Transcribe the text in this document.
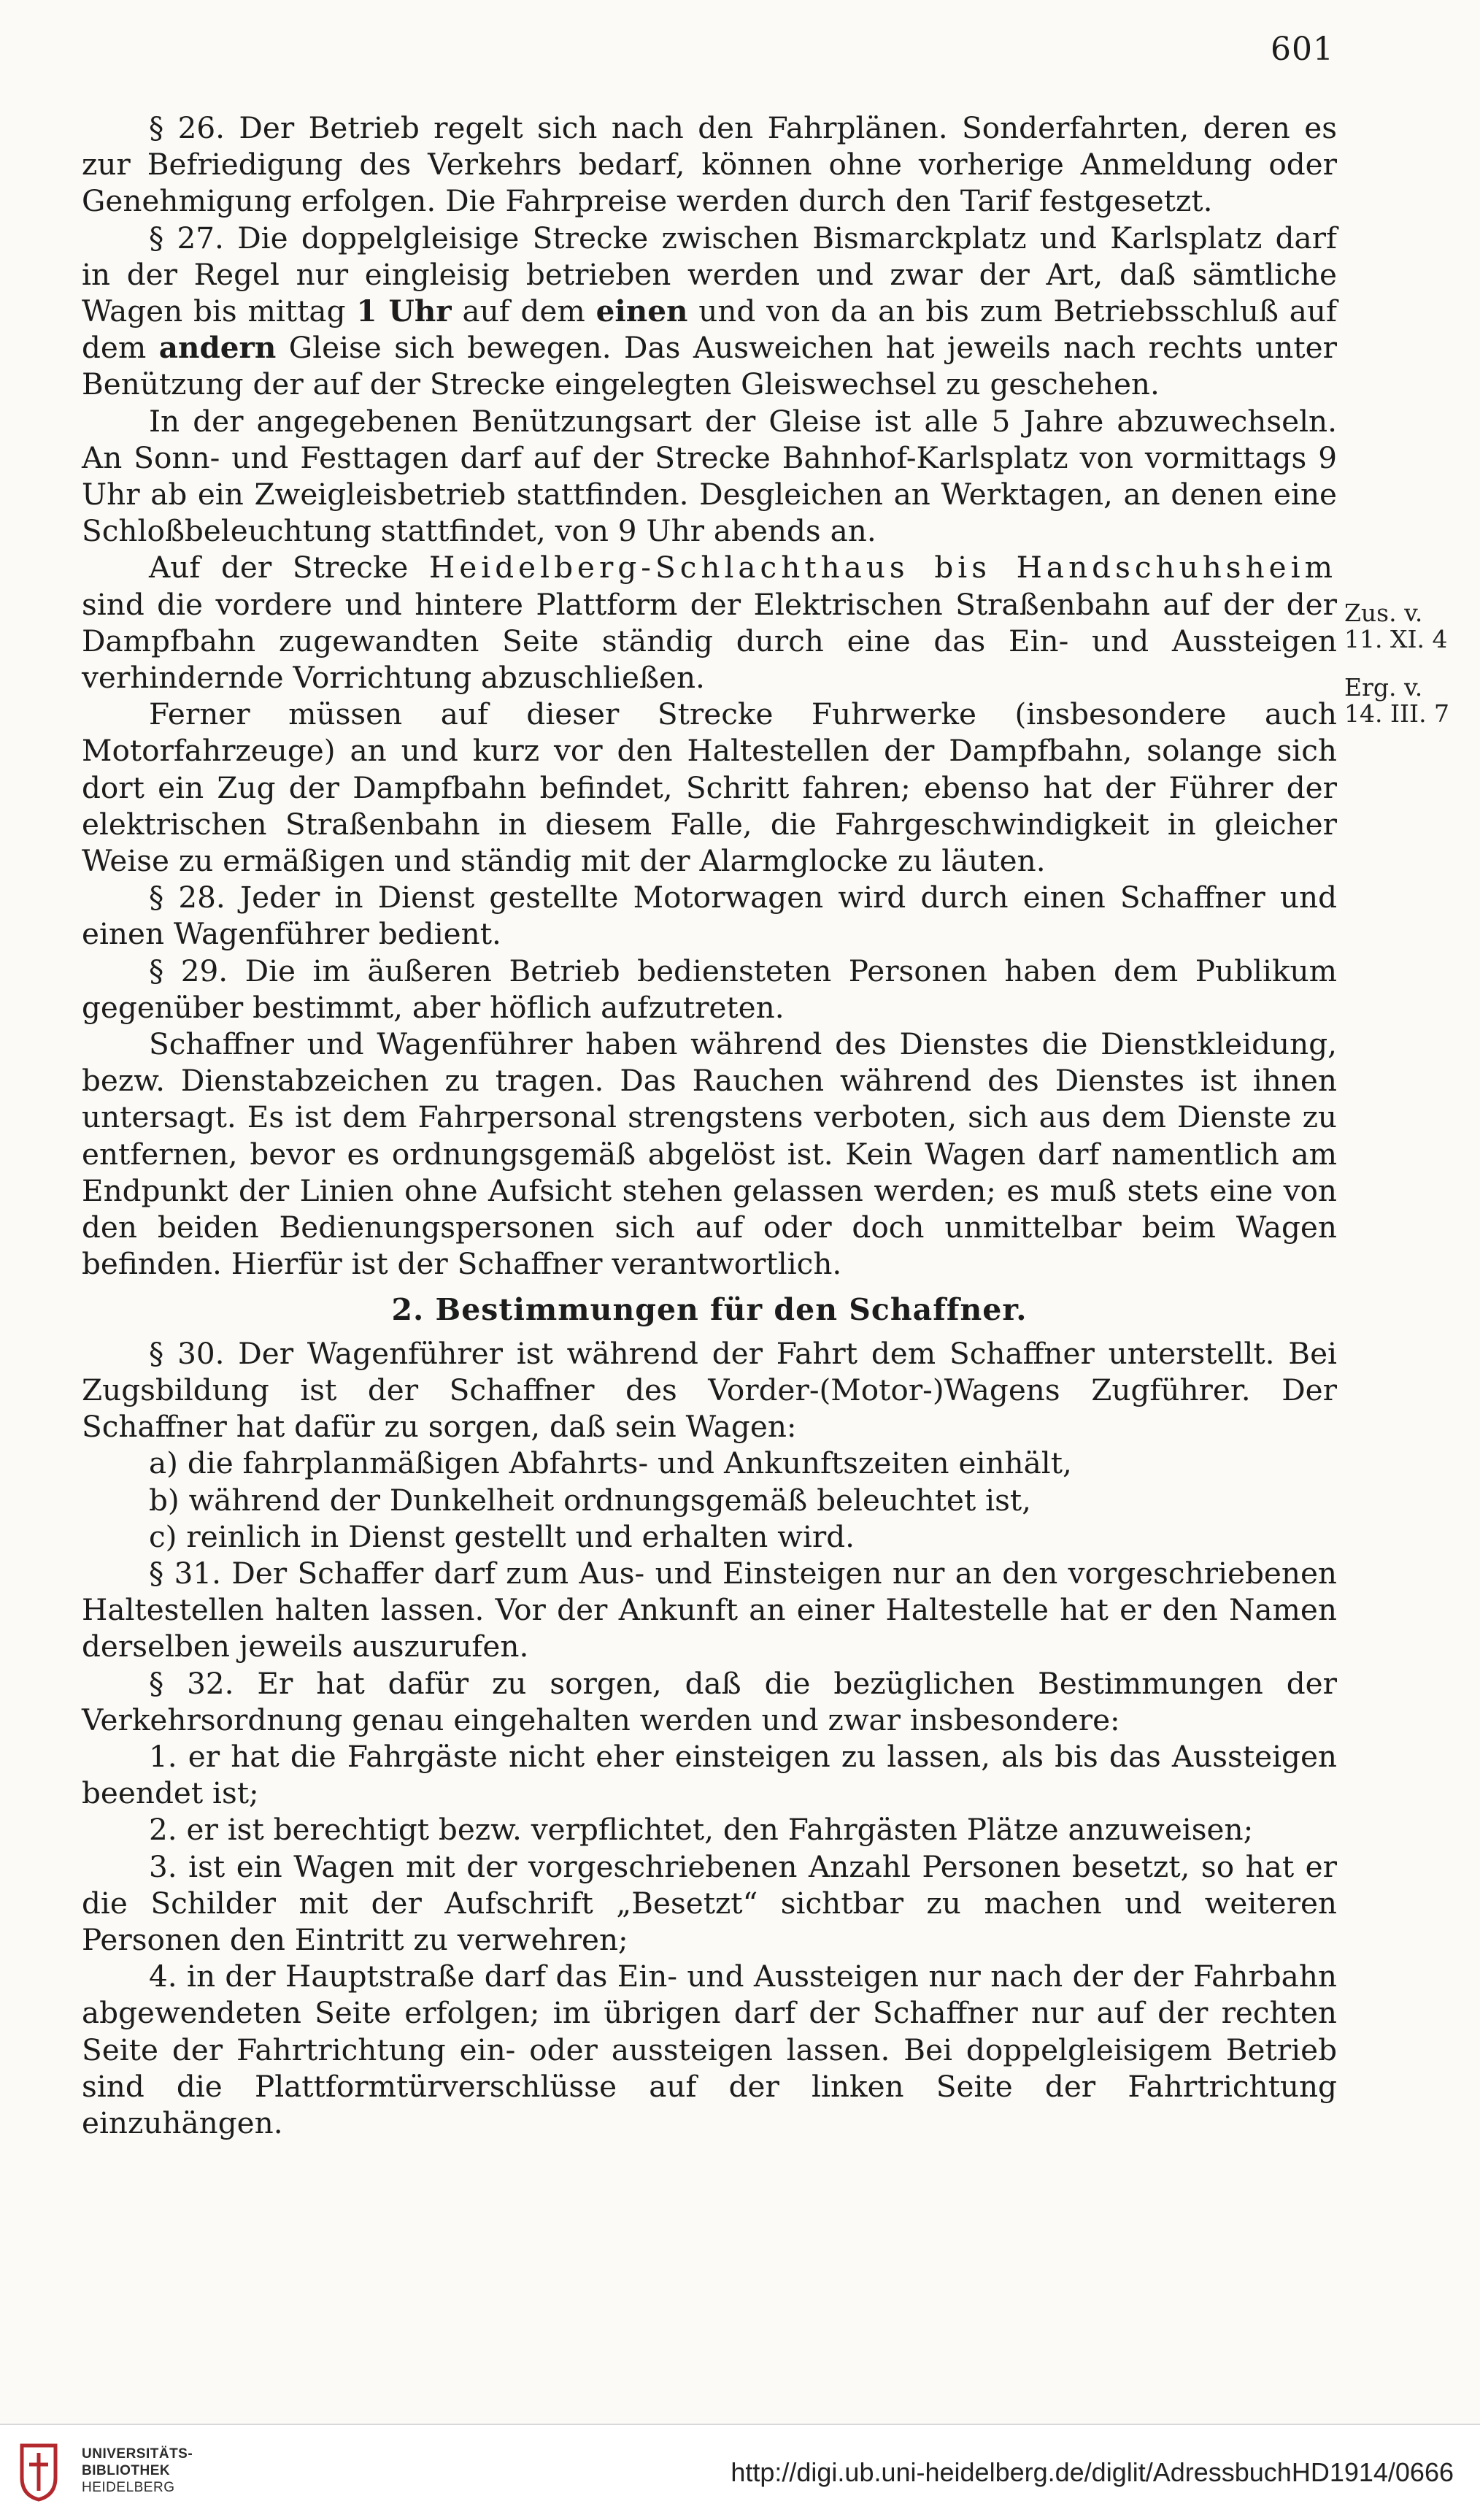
601

§ 26. Der Betrieb regelt sich nach den Fahrplänen. Sonderfahrten, deren es zur Befriedigung des Verkehrs bedarf, können ohne vorherige Anmeldung oder Genehmigung erfolgen. Die Fahrpreise werden durch den Tarif festgesetzt.

§ 27. Die doppelgleisige Strecke zwischen Bismarckplatz und Karlsplatz darf in der Regel nur eingleisig betrieben werden und zwar der Art, daß sämtliche Wagen bis mittag 1 Uhr auf dem einen und von da an bis zum Betriebsschluß auf dem andern Gleise sich bewegen. Das Ausweichen hat jeweils nach rechts unter Benützung der auf der Strecke eingelegten Gleiswechsel zu geschehen.

In der angegebenen Benützungsart der Gleise ist alle 5 Jahre abzuwechseln. An Sonn- und Festtagen darf auf der Strecke Bahnhof-Karlsplatz von vormittags 9 Uhr ab ein Zweigleisbetrieb stattfinden. Desgleichen an Werktagen, an denen eine Schloßbeleuchtung stattfindet, von 9 Uhr abends an.

Auf der Strecke Heidelberg-Schlachthaus bis Handschuhsheim sind die vordere und hintere Plattform der Elektrischen Straßenbahn auf der der Dampfbahn zugewandten Seite ständig durch eine das Ein- und Aussteigen verhindernde Vorrichtung abzuschließen.

Ferner müssen auf dieser Strecke Fuhrwerke (insbesondere auch Motorfahrzeuge) an und kurz vor den Haltestellen der Dampfbahn, solange sich dort ein Zug der Dampfbahn befindet, Schritt fahren; ebenso hat der Führer der elektrischen Straßenbahn in diesem Falle, die Fahrgeschwindigkeit in gleicher Weise zu ermäßigen und ständig mit der Alarmglocke zu läuten.

§ 28. Jeder in Dienst gestellte Motorwagen wird durch einen Schaffner und einen Wagenführer bedient.

§ 29. Die im äußeren Betrieb bediensteten Personen haben dem Publikum gegenüber bestimmt, aber höflich aufzutreten.

Schaffner und Wagenführer haben während des Dienstes die Dienstkleidung, bezw. Dienstabzeichen zu tragen. Das Rauchen während des Dienstes ist ihnen untersagt. Es ist dem Fahrpersonal strengstens verboten, sich aus dem Dienste zu entfernen, bevor es ordnungsgemäß abgelöst ist. Kein Wagen darf namentlich am Endpunkt der Linien ohne Aufsicht stehen gelassen werden; es muß stets eine von den beiden Bedienungspersonen sich auf oder doch unmittelbar beim Wagen befinden. Hierfür ist der Schaffner verantwortlich.

2. Bestimmungen für den Schaffner.

§ 30. Der Wagenführer ist während der Fahrt dem Schaffner unterstellt. Bei Zugsbildung ist der Schaffner des Vorder-(Motor-)Wagens Zugführer. Der Schaffner hat dafür zu sorgen, daß sein Wagen:

a) die fahrplanmäßigen Abfahrts- und Ankunftszeiten einhält,

b) während der Dunkelheit ordnungsgemäß beleuchtet ist,

c) reinlich in Dienst gestellt und erhalten wird.

§ 31. Der Schaffer darf zum Aus- und Einsteigen nur an den vorgeschriebenen Haltestellen halten lassen. Vor der Ankunft an einer Haltestelle hat er den Namen derselben jeweils auszurufen.

§ 32. Er hat dafür zu sorgen, daß die bezüglichen Bestimmungen der Verkehrsordnung genau eingehalten werden und zwar insbesondere:

1. er hat die Fahrgäste nicht eher einsteigen zu lassen, als bis das Aussteigen beendet ist;

2. er ist berechtigt bezw. verpflichtet, den Fahrgästen Plätze anzuweisen;

3. ist ein Wagen mit der vorgeschriebenen Anzahl Personen besetzt, so hat er die Schilder mit der Aufschrift „Besetzt“ sichtbar zu machen und weiteren Personen den Eintritt zu verwehren;

4. in der Hauptstraße darf das Ein- und Aussteigen nur nach der der Fahrbahn abgewendeten Seite erfolgen; im übrigen darf der Schaffner nur auf der rechten Seite der Fahrtrichtung ein- oder aussteigen lassen. Bei doppelgleisigem Betrieb sind die Plattformtürverschlüsse auf der linken Seite der Fahrtrichtung einzuhängen.

Zus. v.
11. XI. 4
Erg. v.
14. III. 7
UNIVERSITÄTS-
BIBLIOTHEK
HEIDELBERG
http://digi.ub.uni-heidelberg.de/diglit/AdressbuchHD1914/0666
